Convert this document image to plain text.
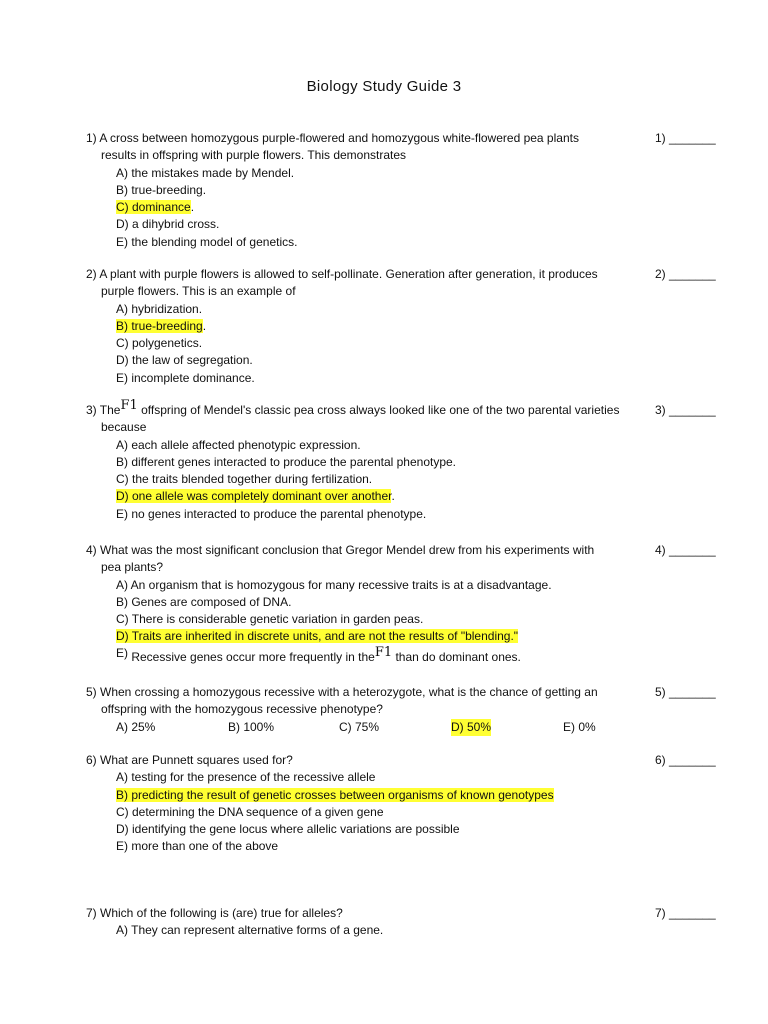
Biology Study Guide 3
1) A cross between homozygous purple-flowered and homozygous white-flowered pea plants
results in offspring with purple flowers. This demonstrates
A) the mistakes made by Mendel.
B) true-breeding.
C) dominance.
D) a dihybrid cross.
E) the blending model of genetics.
1) _______
2) A plant with purple flowers is allowed to self-pollinate. Generation after generation, it produces
purple flowers. This is an example of
A) hybridization.
B) true-breeding.
C) polygenetics.
D) the law of segregation.
E) incomplete dominance.
2) _______
3) TheF1 offspring of Mendel's classic pea cross always looked like one of the two parental varieties
because
A) each allele affected phenotypic expression.
B) different genes interacted to produce the parental phenotype.
C) the traits blended together during fertilization.
D) one allele was completely dominant over another.
E) no genes interacted to produce the parental phenotype.
3) _______
4) What was the most significant conclusion that Gregor Mendel drew from his experiments with
pea plants?
A) An organism that is homozygous for many recessive traits is at a disadvantage.
B) Genes are composed of DNA.
C) There is considerable genetic variation in garden peas.
D) Traits are inherited in discrete units, and are not the results of "blending."
E) Recessive genes occur more frequently in theF1 than do dominant ones.
4) _______
5) When crossing a homozygous recessive with a heterozygote, what is the chance of getting an
offspring with the homozygous recessive phenotype?
A) 25%	B) 100%	C) 75%	D) 50%	E) 0%
5) _______
6) What are Punnett squares used for?
A) testing for the presence of the recessive allele
B) predicting the result of genetic crosses between organisms of known genotypes
C) determining the DNA sequence of a given gene
D) identifying the gene locus where allelic variations are possible
E) more than one of the above
6) _______
7) Which of the following is (are) true for alleles?
A) They can represent alternative forms of a gene.
7) _______
